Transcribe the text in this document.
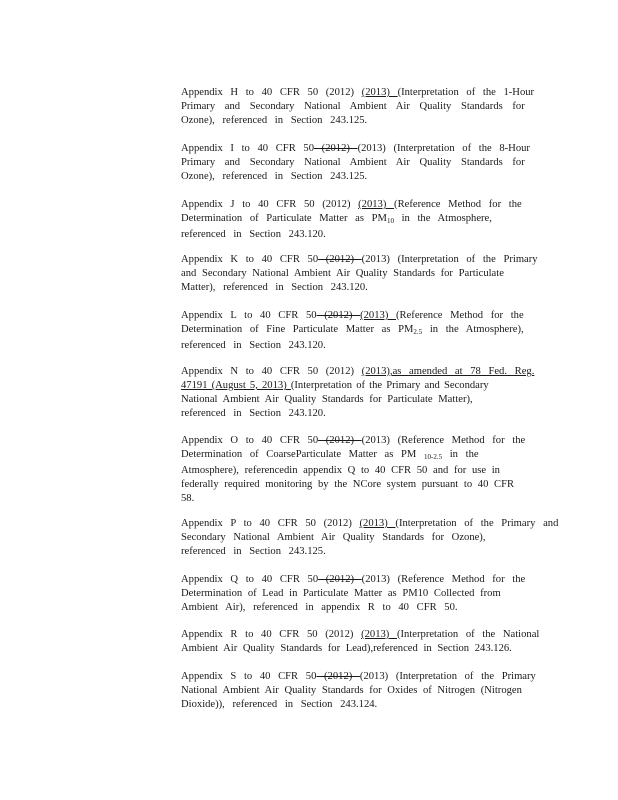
Appendix H to 40 CFR 50 (2012) (2013) (Interpretation of the 1-Hour
Primary and Secondary National Ambient Air Quality Standards for
Ozone), referenced in Section 243.125.
Appendix I to 40 CFR 50 (2012) (2013) (Interpretation of the 8-Hour
Primary and Secondary National Ambient Air Quality Standards for
Ozone), referenced in Section 243.125.
Appendix J to 40 CFR 50 (2012) (2013) (Reference Method for the
Determination of Particulate Matter as $PM_{10}$ in the Atmosphere,
referenced in Section 243.120.
Appendix K to 40 CFR 50 (2012) (2013) (Interpretation of the Primary
and Secondary National Ambient Air Quality Standards for Particulate
Matter), referenced in Section 243.120.
Appendix L to 40 CFR 50 (2012) (2013) (Reference Method for the
Determination of Fine Particulate Matter as $PM_{2.5}$ in the Atmosphere),
referenced in Section 243.120.
Appendix N to 40 CFR 50 (2012) (2013),as amended at 78 Fed. Reg.
47191 (August 5, 2013) (Interpretation of the Primary and Secondary
National Ambient Air Quality Standards for Particulate Matter),
referenced in Section 243.120.
Appendix O to 40 CFR 50 (2012) (2013) (Reference Method for the
Determination of CoarseParticulate Matter as PM $_{10-2.5}$ in the
Atmosphere), referencedin appendix Q to 40 CFR 50 and for use in
federally required monitoring by the NCore system pursuant to 40 CFR
58.
Appendix P to 40 CFR 50 (2012) (2013) (Interpretation of the Primary and
Secondary National Ambient Air Quality Standards for Ozone),
referenced in Section 243.125.
Appendix Q to 40 CFR 50 (2012) (2013) (Reference Method for the
Determination of Lead in Particulate Matter as PM10 Collected from
Ambient Air), referenced in appendix R to 40 CFR 50.
Appendix R to 40 CFR 50 (2012) (2013) (Interpretation of the National
Ambient Air Quality Standards for Lead),referenced in Section 243.126.
Appendix S to 40 CFR 50 (2012) (2013) (Interpretation of the Primary
National Ambient Air Quality Standards for Oxides of Nitrogen (Nitrogen
Dioxide)), referenced in Section 243.124.
